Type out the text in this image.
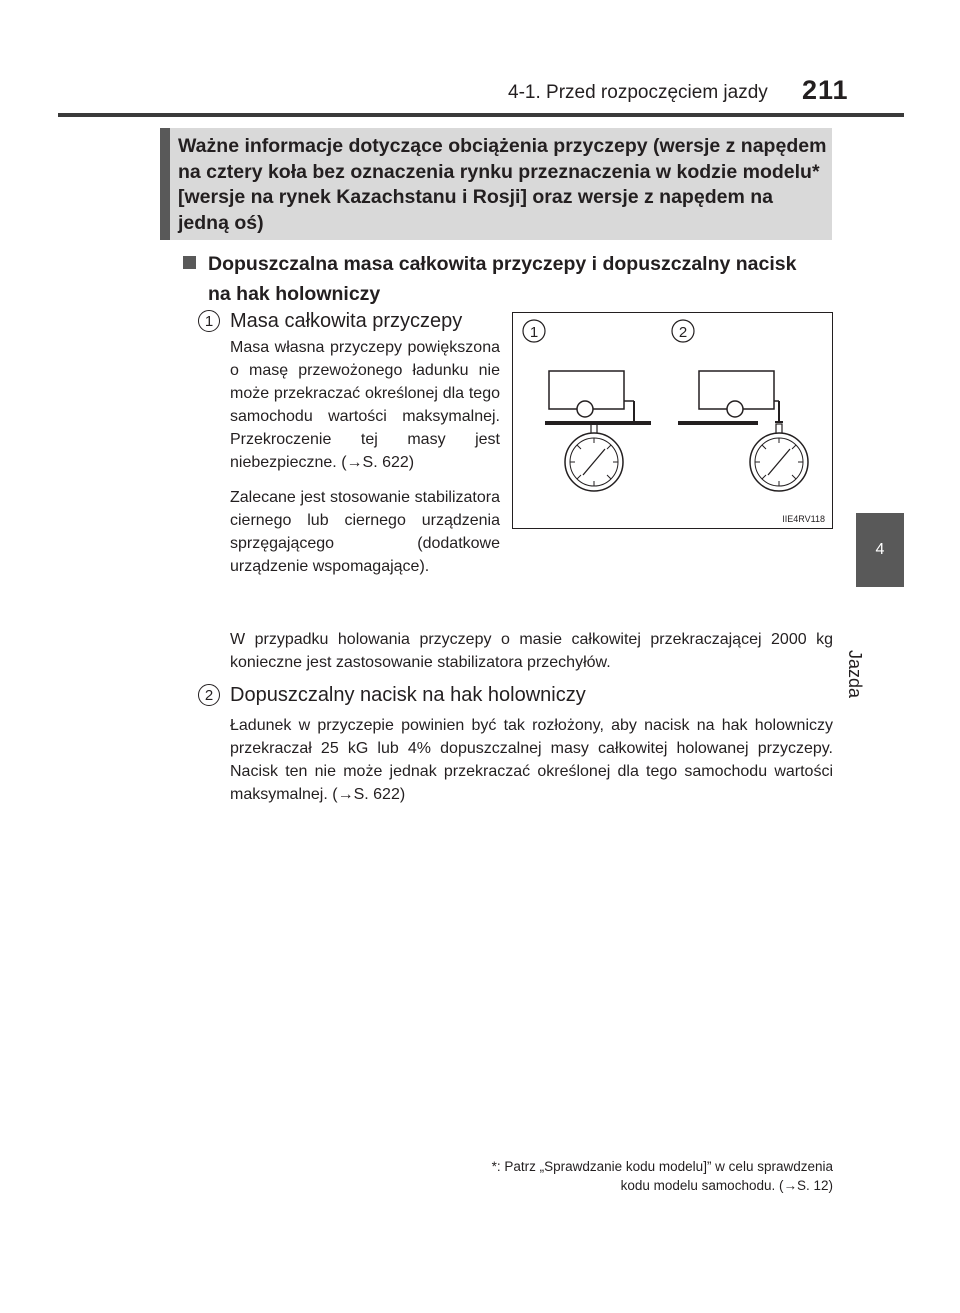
4-1. Przed rozpoczęciem jazdy 211
4
Jazda
Ważne informacje dotyczące obciążenia przyczepy (wersje z napędem na cztery koła bez oznaczenia rynku przeznaczenia w kodzie modelu* [wersje na rynek Kazachstanu i Rosji] oraz wersje z napędem na jedną oś)
Dopuszczalna masa całkowita przyczepy i dopuszczalny nacisk
na hak holowniczy
1 Masa całkowita przyczepy

Masa własna przyczepy powiększona o masę przewożonego ładunku nie może przekraczać określonej dla tego samochodu wartości maksymalnej. Przekroczenie tej masy jest niebezpieczne. (→S. 622)

Zalecane jest stosowanie stabilizatora ciernego lub ciernego urządzenia sprzęgającego (dodatkowe urządzenie wspomagające).

W przypadku holowania przyczepy o masie całkowitej przekraczającej 2000 kg konieczne jest zastosowanie stabilizatora przechyłów.
2 Dopuszczalny nacisk na hak holowniczy
Ładunek w przyczepie powinien być tak rozłożony, aby nacisk na hak holowniczy przekraczał 25 kG lub 4% dopuszczalnej masy całkowitej holowanej przyczepy. Nacisk ten nie może jednak przekraczać określonej dla tego samochodu wartości maksymalnej. (→S. 622)
1	2
IIE4RV118
*: Patrz „Sprawdzanie kodu modelu]” w celu sprawdzenia
kodu modelu samochodu. (→S. 12)
